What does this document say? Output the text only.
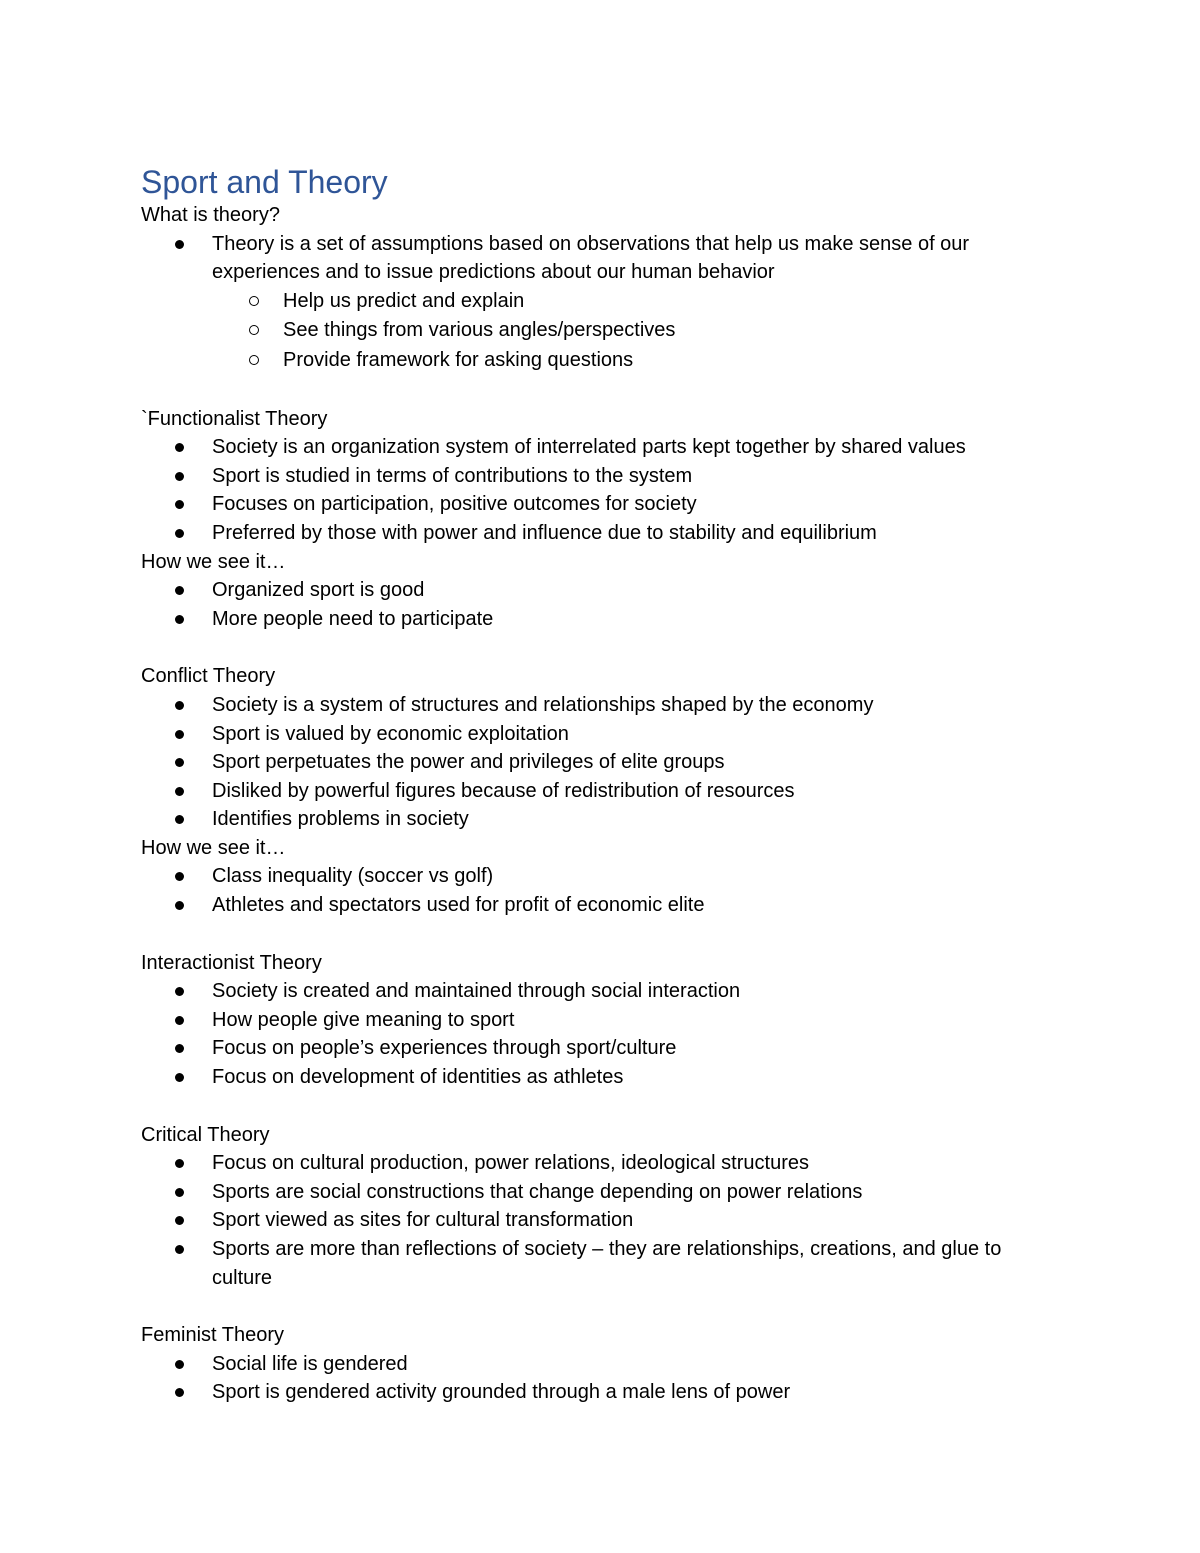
Sport and Theory
What is theory?
Theory is a set of assumptions based on observations that help us make sense of our experiences and to issue predictions about our human behavior
Help us predict and explain
See things from various angles/perspectives
Provide framework for asking questions
`Functionalist Theory
Society is an organization system of interrelated parts kept together by shared values
Sport is studied in terms of contributions to the system
Focuses on participation, positive outcomes for society
Preferred by those with power and influence due to stability and equilibrium
How we see it…
Organized sport is good
More people need to participate
Conflict Theory
Society is a system of structures and relationships shaped by the economy
Sport is valued by economic exploitation
Sport perpetuates the power and privileges of elite groups
Disliked by powerful figures because of redistribution of resources
Identifies problems in society
How we see it…
Class inequality (soccer vs golf)
Athletes and spectators used for profit of economic elite
Interactionist Theory
Society is created and maintained through social interaction
How people give meaning to sport
Focus on people’s experiences through sport/culture
Focus on development of identities as athletes
Critical Theory
Focus on cultural production, power relations, ideological structures
Sports are social constructions that change depending on power relations
Sport viewed as sites for cultural transformation
Sports are more than reflections of society – they are relationships, creations, and glue to culture
Feminist Theory
Social life is gendered
Sport is gendered activity grounded through a male lens of power
